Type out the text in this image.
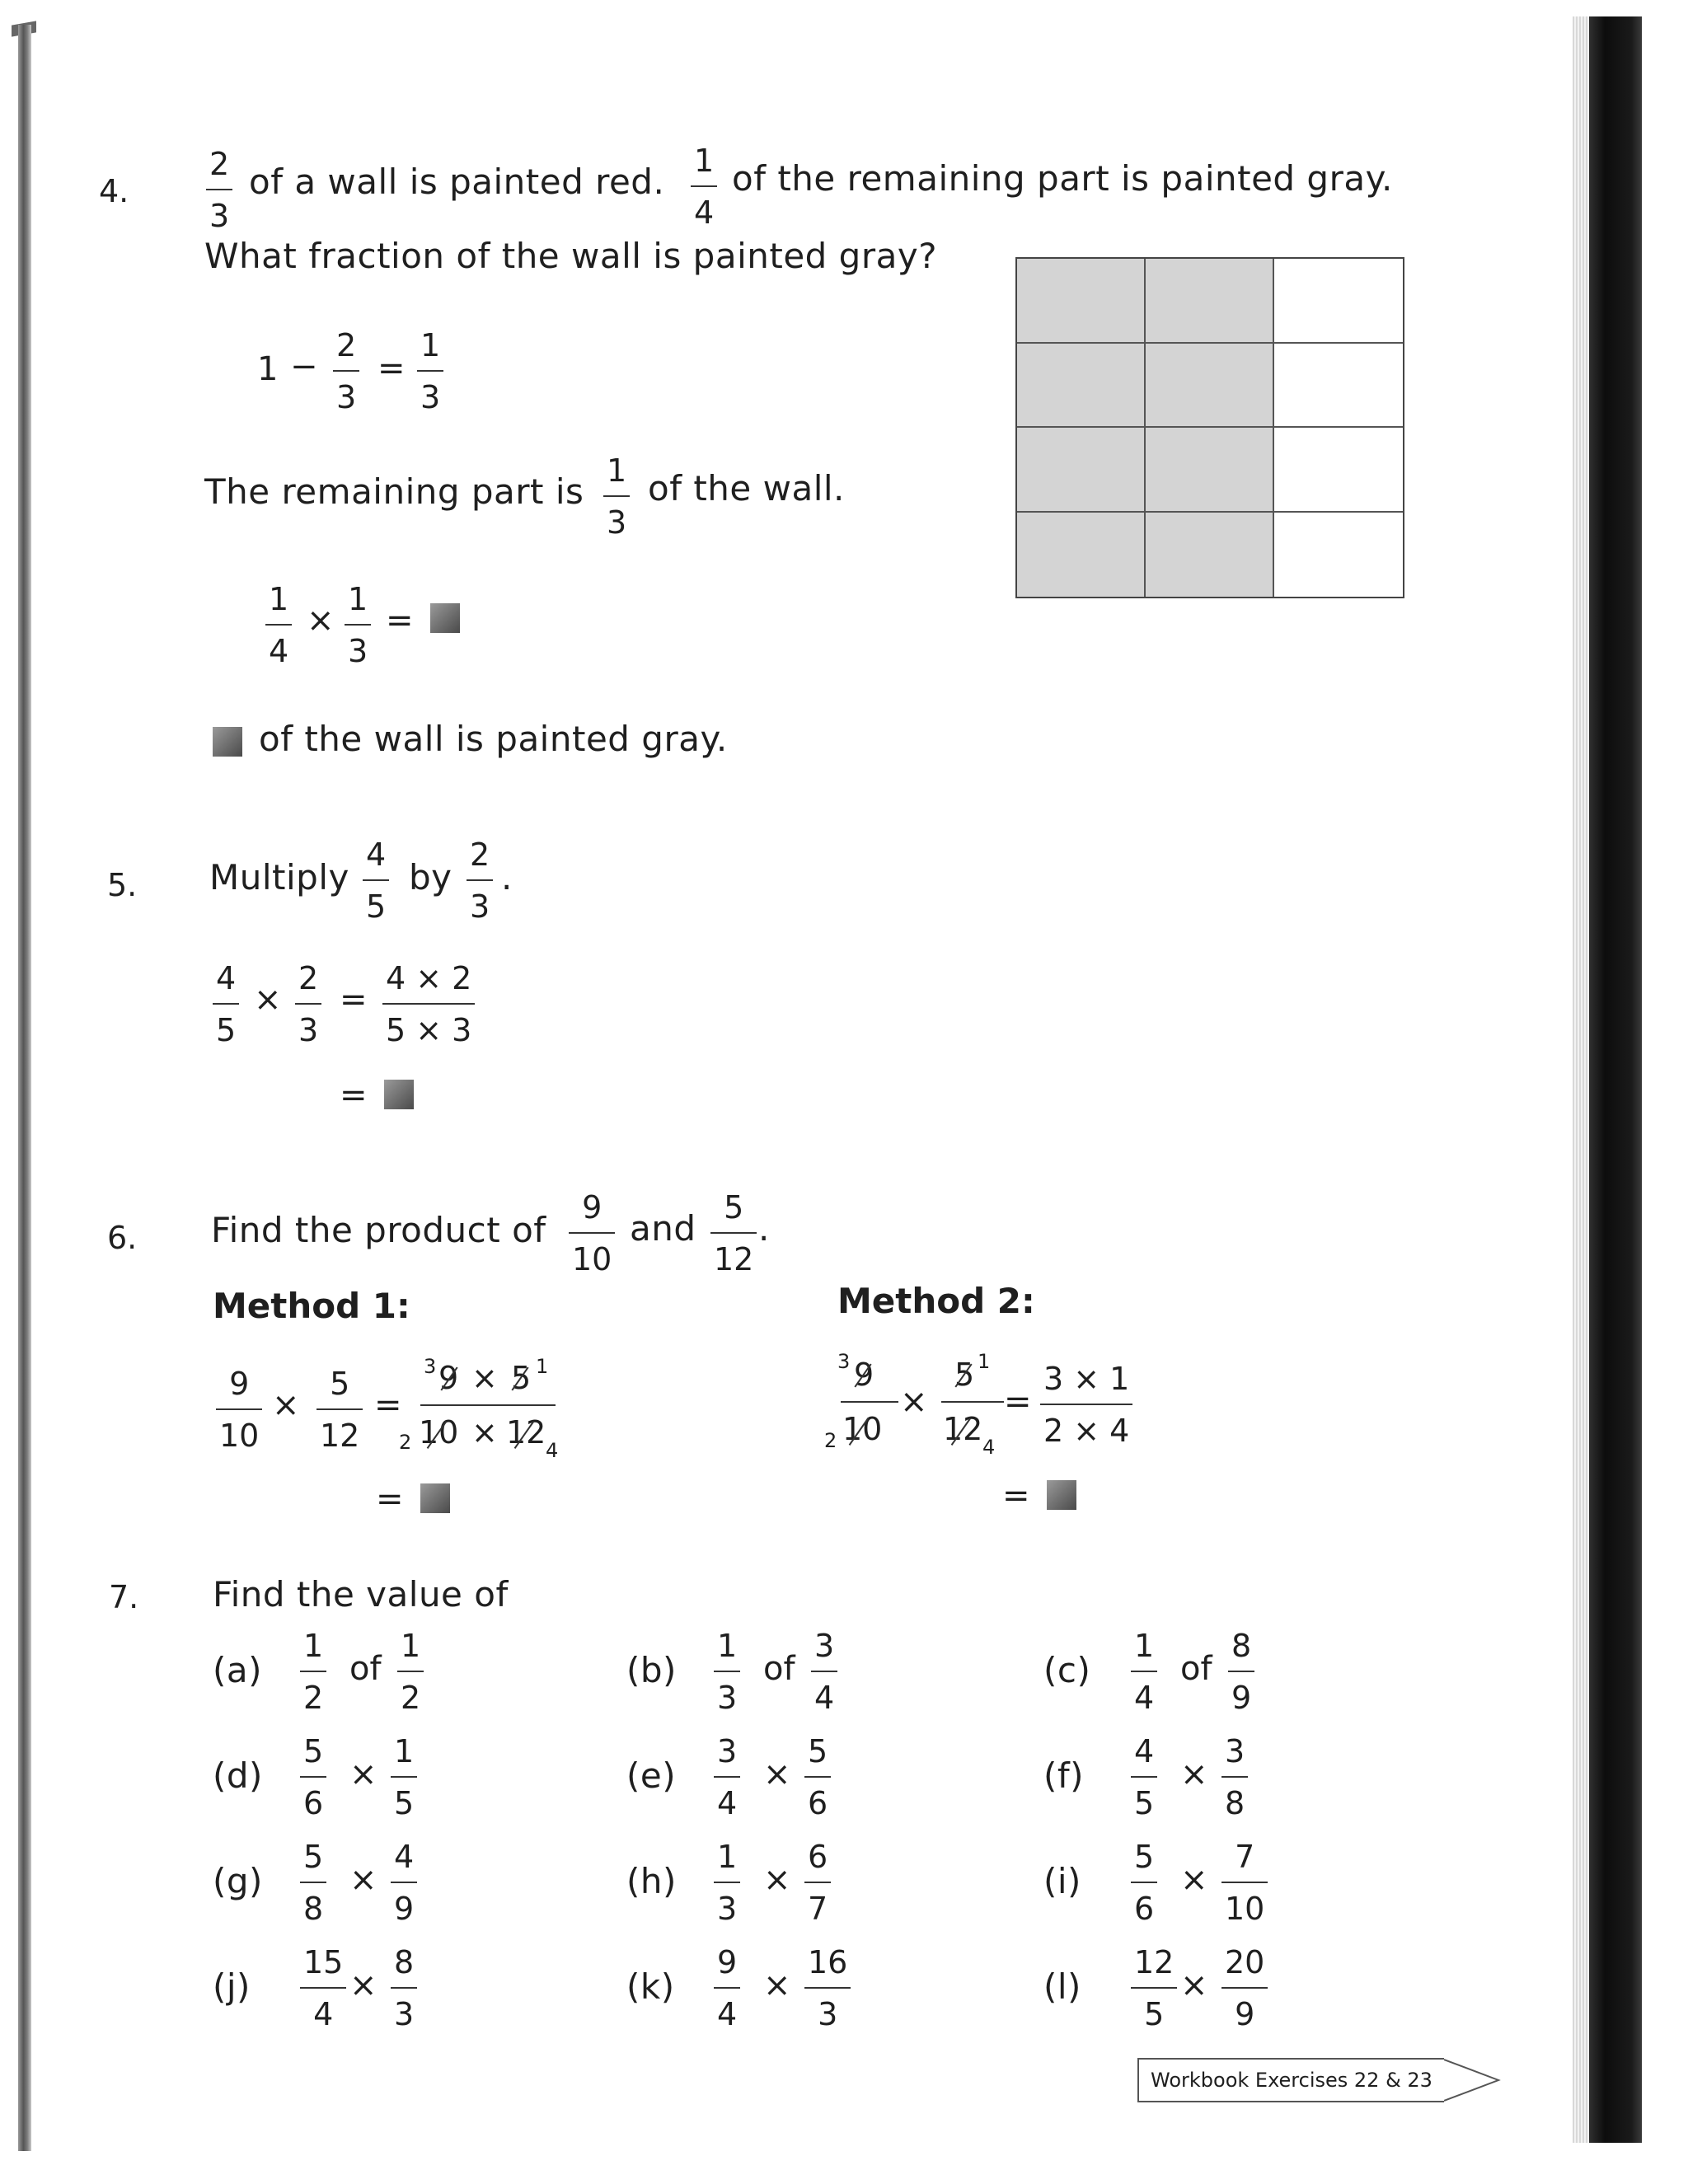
4.
2
3
of a wall is painted red.
1
4
of the remaining part is painted gray.
What fraction of the wall is painted gray?
1 −
2
3
=
1
3
The remaining part is
1
3
of the wall.
1
4
×
1
3
=
of the wall is painted gray.
5. Multiply
4
5
by
2
3
.
4
5
×
2
3
=
4 × 2
5 × 3
=
6. Find the product of
9
10
and
5
12
.
Method 1:
9
10
×
5
12
=
3 9 × 5 1
2 10 × 12 4
=
Method 2:
3 9
2 10
×
5 1
12 4
=
3 × 1
2 × 4
=
7. Find the value of
(a)
1
2
of
1
2
(b)
1
3
of
3
4
(c)
1
4
of
8
9
(d)
5
6
×
1
5
(e)
3
4
×
5
6
(f)
4
5
×
3
8
(g)
5
8
×
4
9
(h)
1
3
×
6
7
(i)
5
6
×
7
10
(j)
15
4
×
8
3
(k)
9
4
×
16
3
(l)
12
5
×
20
9
Workbook Exercises 22 & 23
